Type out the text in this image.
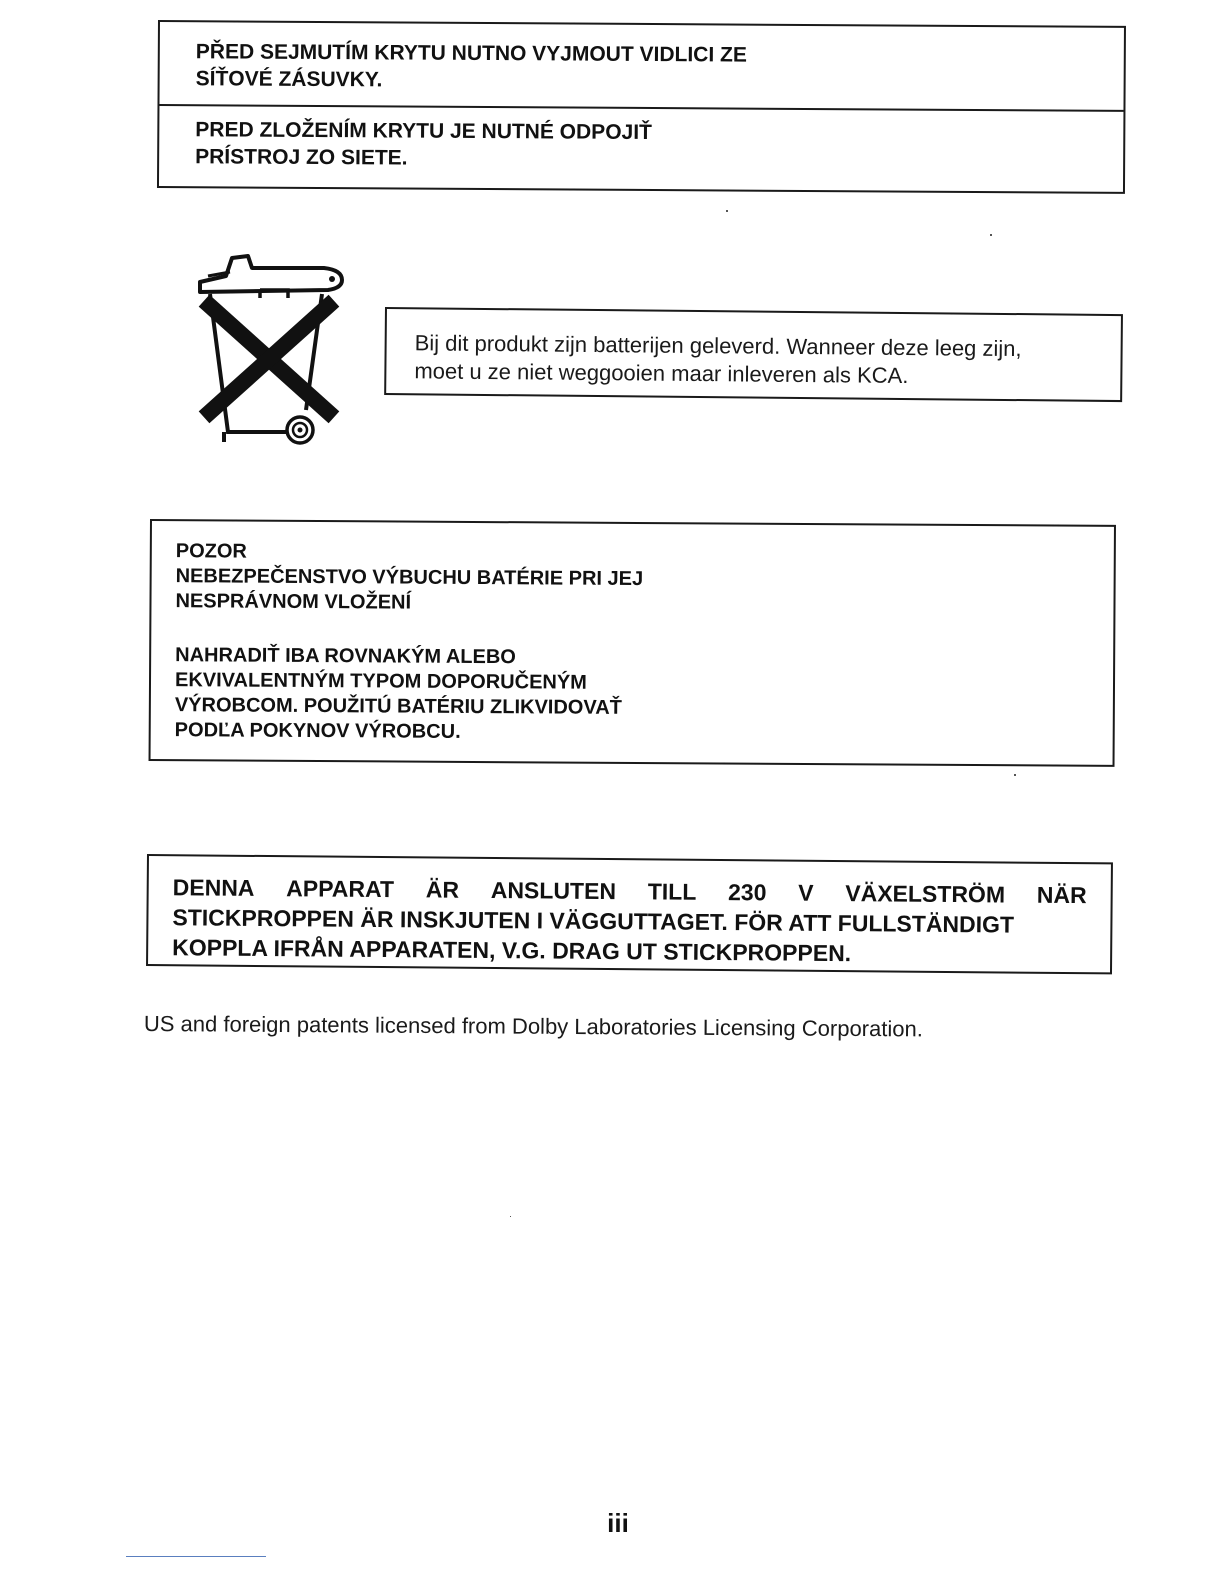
PŘED SEJMUTÍM KRYTU NUTNO VYJMOUT VIDLICI ZE
SÍŤOVÉ ZÁSUVKY.
PRED ZLOŽENÍM KRYTU JE NUTNÉ ODPOJIŤ
PRÍSTROJ ZO SIETE.
Bij dit produkt zijn batterijen geleverd. Wanneer deze leeg zijn,
moet u ze niet weggooien maar inleveren als KCA.
POZOR
NEBEZPEČENSTVO VÝBUCHU BATÉRIE PRI JEJ
NESPRÁVNOM VLOŽENÍ
NAHRADIŤ IBA ROVNAKÝM ALEBO
EKVIVALENTNÝM TYPOM DOPORUČENÝM
VÝROBCOM. POUŽITÚ BATÉRIU ZLIKVIDOVAŤ
PODĽA POKYNOV VÝROBCU.
DENNA APPARAT ÄR ANSLUTEN TILL 230 V VÄXELSTRÖM NÄR
STICKPROPPEN ÄR INSKJUTEN I VÄGGUTTAGET. FÖR ATT FULLSTÄNDIGT
KOPPLA IFRÅN APPARATEN, V.G. DRAG UT STICKPROPPEN.
US and foreign patents licensed from Dolby Laboratories Licensing Corporation.
iii
